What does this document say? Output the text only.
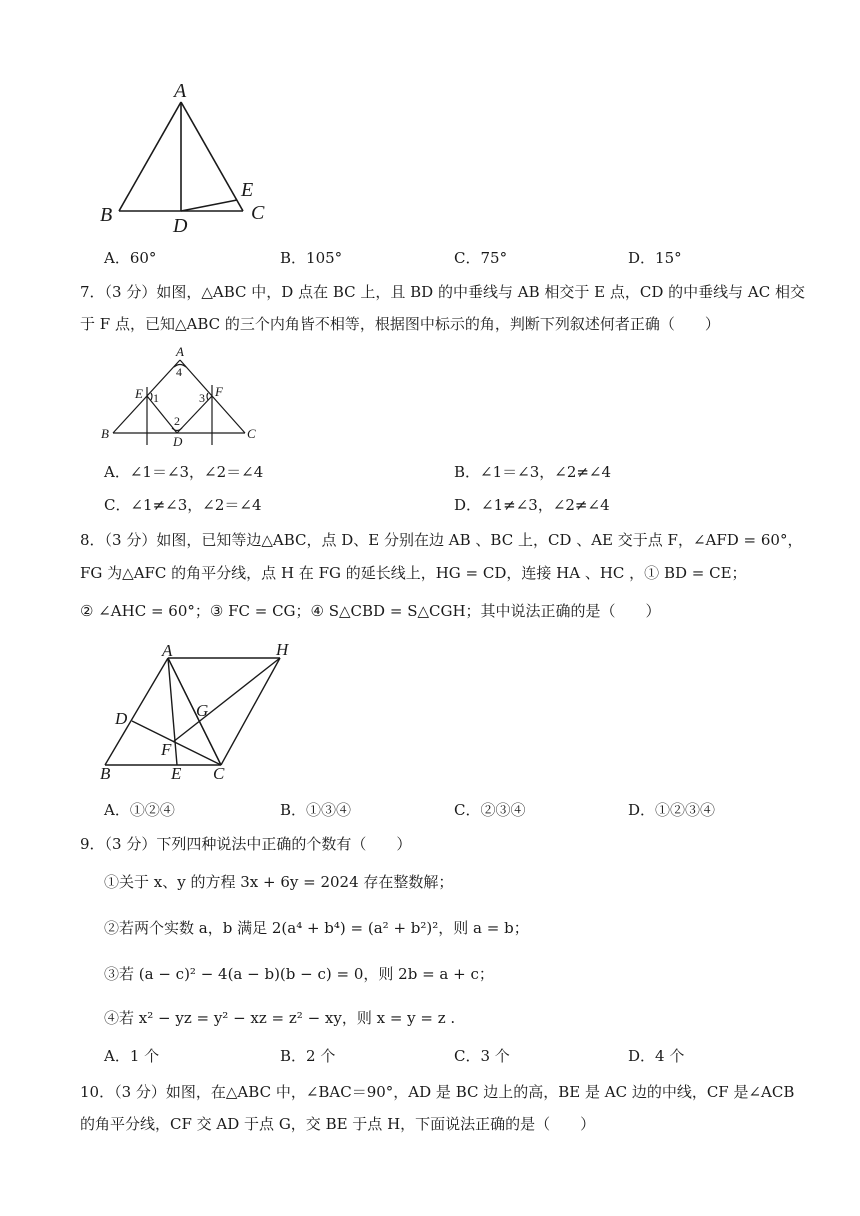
A
B	C
D
E
A．60°	B．105°	C．75°	D．15°
7．（3 分）如图，△ABC 中，D 点在 BC 上，且 BD 的中垂线与 AB 相交于 E 点，CD 的中垂线与 AC 相交
于 F 点，已知△ABC 的三个内角皆不相等，根据图中标示的角，判断下列叙述何者正确（　　）
A
B	C
D
E	F
1
2
3
4
A．∠1＝∠3，∠2＝∠4	B．∠1＝∠3，∠2≠∠4
C．∠1≠∠3，∠2＝∠4	D．∠1≠∠3，∠2≠∠4
8．（3 分）如图，已知等边△ABC，点 D、E 分别在边 AB 、BC 上，CD 、AE 交于点 F，∠AFD = 60°，
FG 为△AFC 的角平分线，点 H 在 FG 的延长线上，HG = CD，连接 HA 、HC ，① BD = CE；
② ∠AHC = 60°；③ FC = CG；④ S△CBD = S△CGH；其中说法正确的是（　　）
A
B	C
D
E
F
G
H
A．①②④	B．①③④	C．②③④	D．①②③④
9．（3 分）下列四种说法中正确的个数有（　　）
①关于 x、y 的方程 3x + 6y = 2024 存在整数解；
②若两个实数 a，b 满足 2(a⁴ + b⁴) = (a² + b²)²，则 a = b；
③若 (a − c)² − 4(a − b)(b − c) = 0，则 2b = a + c；
④若 x² − yz = y² − xz = z² − xy，则 x = y = z .
A．1 个	B．2 个	C．3 个	D．4 个
10．（3 分）如图，在△ABC 中，∠BAC＝90°，AD 是 BC 边上的高，BE 是 AC 边的中线，CF 是∠ACB
的角平分线，CF 交 AD 于点 G，交 BE 于点 H，下面说法正确的是（　　）
